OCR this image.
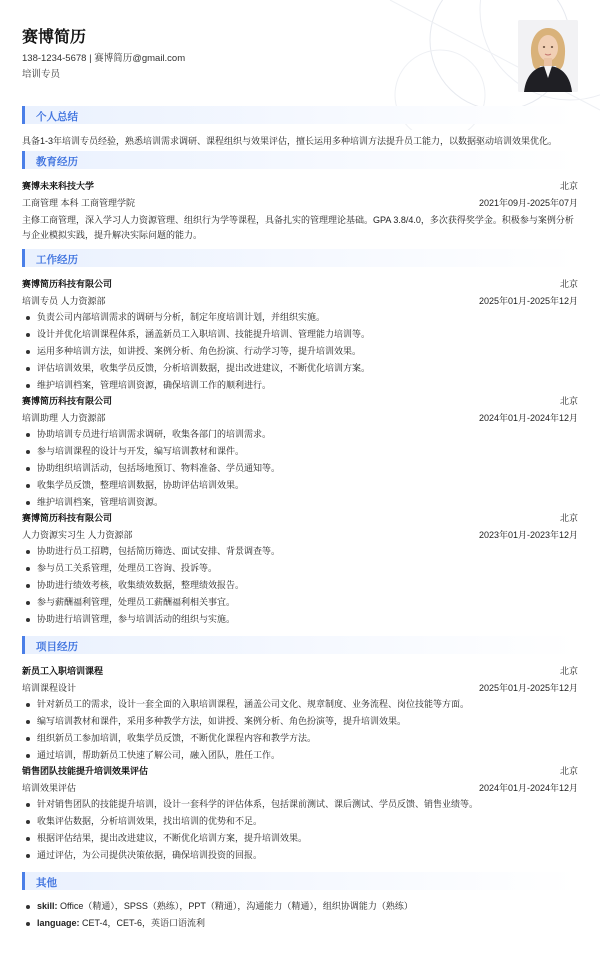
赛博简历
138-1234-5678 | 赛博简历@gmail.com
培训专员
个人总结
具备1-3年培训专员经验，熟悉培训需求调研、课程组织与效果评估，擅长运用多种培训方法提升员工能力，以数据驱动培训效果优化。
教育经历
赛博未来科技大学	北京
工商管理 本科 工商管理学院	2021年09月-2025年07月
主修工商管理，深入学习人力资源管理、组织行为学等课程，具备扎实的管理理论基础。GPA 3.8/4.0，多次获得奖学金。积极参与案例分析与企业模拟实践，提升解决实际问题的能力。
工作经历
赛博简历科技有限公司	北京
培训专员 人力资源部	2025年01月-2025年12月
负责公司内部培训需求的调研与分析，制定年度培训计划，并组织实施。
设计并优化培训课程体系，涵盖新员工入职培训、技能提升培训、管理能力培训等。
运用多种培训方法，如讲授、案例分析、角色扮演、行动学习等，提升培训效果。
评估培训效果，收集学员反馈，分析培训数据，提出改进建议，不断优化培训方案。
维护培训档案，管理培训资源，确保培训工作的顺利进行。
赛博简历科技有限公司	北京
培训助理 人力资源部	2024年01月-2024年12月
协助培训专员进行培训需求调研，收集各部门的培训需求。
参与培训课程的设计与开发，编写培训教材和课件。
协助组织培训活动，包括场地预订、物料准备、学员通知等。
收集学员反馈，整理培训数据，协助评估培训效果。
维护培训档案，管理培训资源。
赛博简历科技有限公司	北京
人力资源实习生 人力资源部	2023年01月-2023年12月
协助进行员工招聘，包括简历筛选、面试安排、背景调查等。
参与员工关系管理，处理员工咨询、投诉等。
协助进行绩效考核，收集绩效数据，整理绩效报告。
参与薪酬福利管理，处理员工薪酬福利相关事宜。
协助进行培训管理，参与培训活动的组织与实施。
项目经历
新员工入职培训课程	北京
培训课程设计	2025年01月-2025年12月
针对新员工的需求，设计一套全面的入职培训课程，涵盖公司文化、规章制度、业务流程、岗位技能等方面。
编写培训教材和课件，采用多种教学方法，如讲授、案例分析、角色扮演等，提升培训效果。
组织新员工参加培训，收集学员反馈，不断优化课程内容和教学方法。
通过培训，帮助新员工快速了解公司，融入团队，胜任工作。
销售团队技能提升培训效果评估	北京
培训效果评估	2024年01月-2024年12月
针对销售团队的技能提升培训，设计一套科学的评估体系，包括课前测试、课后测试、学员反馈、销售业绩等。
收集评估数据，分析培训效果，找出培训的优势和不足。
根据评估结果，提出改进建议，不断优化培训方案，提升培训效果。
通过评估，为公司提供决策依据，确保培训投资的回报。
其他
skill: Office（精通），SPSS（熟练），PPT（精通），沟通能力（精通），组织协调能力（熟练）
language: CET-4，CET-6，英语口语流利
